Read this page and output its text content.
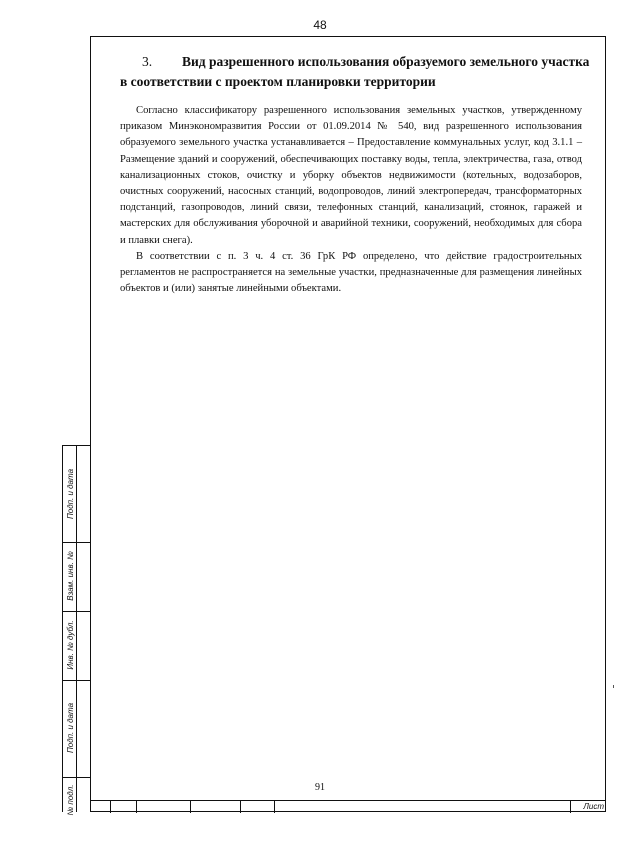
48
3. Вид разрешенного использования образуемого земельного участка в соответствии с проектом планировки территории

Согласно классификатору разрешенного использования земельных участков, утвержденному приказом Минэкономразвития России от 01.09.2014 № 540, вид разрешенного использования образуемого земельного участка устанавливается – Предоставление коммунальных услуг, код 3.1.1 – Размещение зданий и сооружений, обеспечивающих поставку воды, тепла, электричества, газа, отвод канализационных стоков, очистку и уборку объектов недвижимости (котельных, водозаборов, очистных сооружений, насосных станций, водопроводов, линий электропередач, трансформаторных подстанций, газопроводов, линий связи, телефонных станций, канализаций, стоянок, гаражей и мастерских для обслуживания уборочной и аварийной техники, сооружений, необходимых для сбора и плавки снега).

В соответствии с п. 3 ч. 4 ст. 36 ГрК РФ определено, что действие градостроительных регламентов не распространяется на земельные участки, предназначенные для размещения линейных объектов и (или) занятые линейными объектами.

91
Подп. и дата
Взам. инв. №
Инв. № дубл.
Подп. и дата
№ подл.	Лист
